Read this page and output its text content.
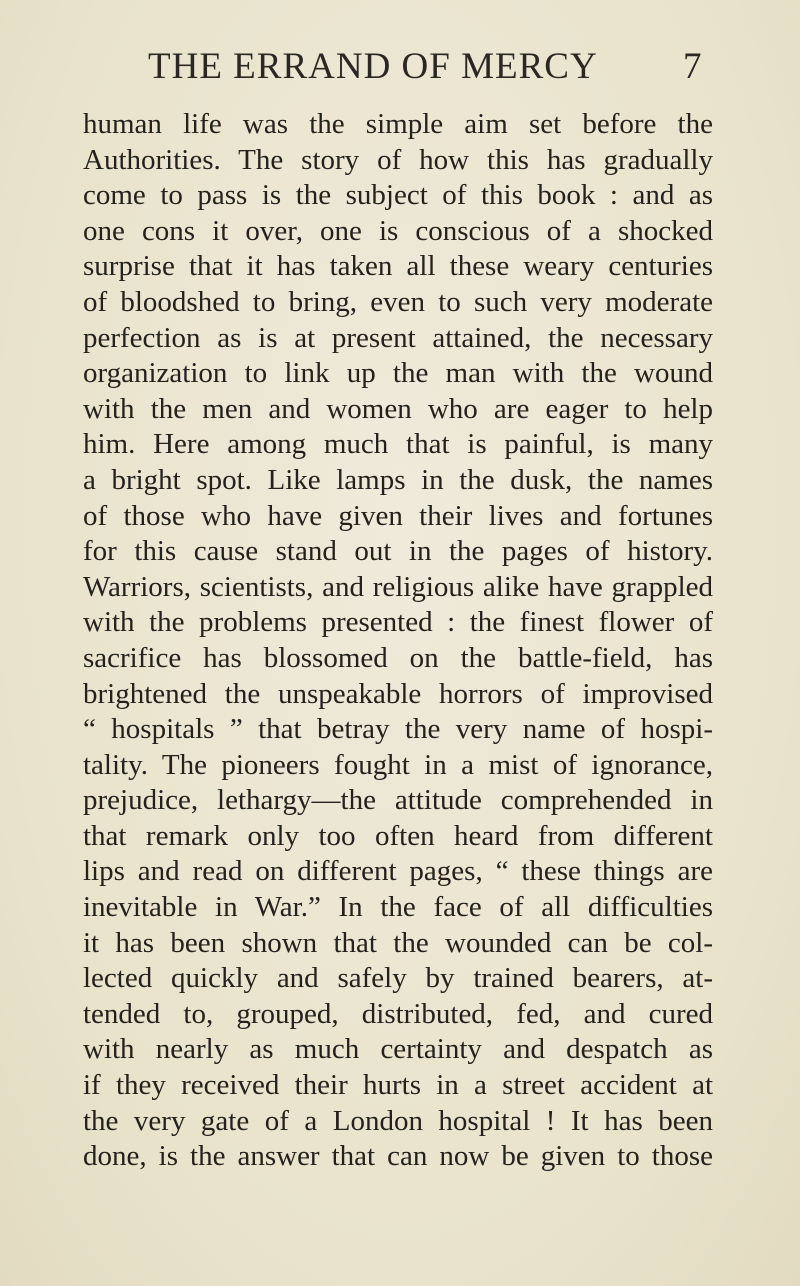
THE ERRAND OF MERCY 7
human life was the simple aim set before the
Authorities. The story of how this has gradually
come to pass is the subject of this book : and as
one cons it over, one is conscious of a shocked
surprise that it has taken all these weary centuries
of bloodshed to bring, even to such very moderate
perfection as is at present attained, the necessary
organization to link up the man with the wound
with the men and women who are eager to help
him. Here among much that is painful, is many
a bright spot. Like lamps in the dusk, the names
of those who have given their lives and fortunes
for this cause stand out in the pages of history.
Warriors, scientists, and religious alike have grappled
with the problems presented : the finest flower of
sacrifice has blossomed on the battle-field, has
brightened the unspeakable horrors of improvised
“ hospitals ” that betray the very name of hospi-
tality. The pioneers fought in a mist of ignorance,
prejudice, lethargy—the attitude comprehended in
that remark only too often heard from different
lips and read on different pages, “ these things are
inevitable in War.” In the face of all difficulties
it has been shown that the wounded can be col-
lected quickly and safely by trained bearers, at-
tended to, grouped, distributed, fed, and cured
with nearly as much certainty and despatch as
if they received their hurts in a street accident at
the very gate of a London hospital ! It has been
done, is the answer that can now be given to those
